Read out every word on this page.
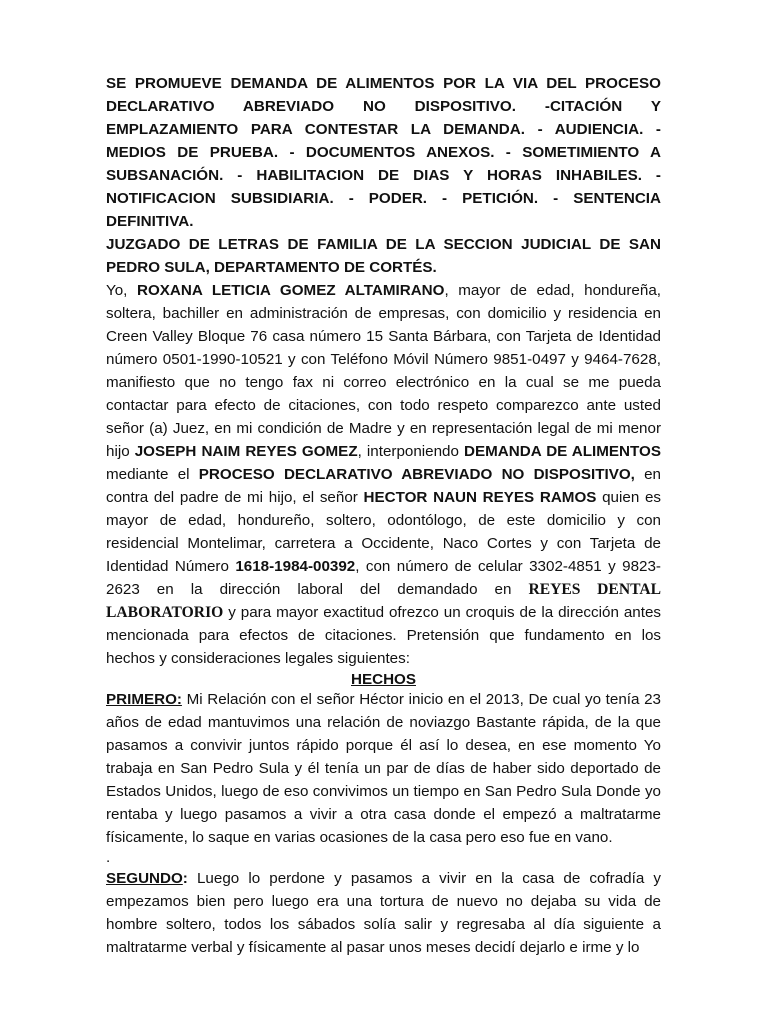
SE PROMUEVE DEMANDA DE ALIMENTOS POR LA VIA DEL PROCESO DECLARATIVO ABREVIADO NO DISPOSITIVO. -CITACIÓN Y EMPLAZAMIENTO PARA CONTESTAR LA DEMANDA. - AUDIENCIA. - MEDIOS DE PRUEBA. - DOCUMENTOS ANEXOS. - SOMETIMIENTO A SUBSANACIÓN. - HABILITACION DE DIAS Y HORAS INHABILES. - NOTIFICACION SUBSIDIARIA. - PODER. - PETICIÓN. - SENTENCIA DEFINITIVA.

JUZGADO DE LETRAS DE FAMILIA DE LA SECCION JUDICIAL DE SAN PEDRO SULA, DEPARTAMENTO DE CORTÉS.

Yo, ROXANA LETICIA GOMEZ ALTAMIRANO, mayor de edad, hondureña, soltera, bachiller en administración de empresas, con domicilio y residencia en Creen Valley Bloque 76 casa número 15 Santa Bárbara, con Tarjeta de Identidad número 0501-1990-10521 y con Teléfono Móvil Número 9851-0497 y 9464-7628, manifiesto que no tengo fax ni correo electrónico en la cual se me pueda contactar para efecto de citaciones, con todo respeto comparezco ante usted señor (a) Juez, en mi condición de Madre y en representación legal de mi menor hijo JOSEPH NAIM REYES GOMEZ, interponiendo DEMANDA DE ALIMENTOS mediante el PROCESO DECLARATIVO ABREVIADO NO DISPOSITIVO, en contra del padre de mi hijo, el señor HECTOR NAUN REYES RAMOS quien es mayor de edad, hondureño, soltero, odontólogo, de este domicilio y con residencial Montelimar, carretera a Occidente, Naco Cortes y con Tarjeta de Identidad Número 1618-1984-00392, con número de celular 3302-4851 y 9823-2623 en la dirección laboral del demandado en REYES DENTAL LABORATORIO y para mayor exactitud ofrezco un croquis de la dirección antes mencionada para efectos de citaciones. Pretensión que fundamento en los hechos y consideraciones legales siguientes:

HECHOS

PRIMERO: Mi Relación con el señor Héctor inicio en el 2013, De cual yo tenía 23 años de edad mantuvimos una relación de noviazgo Bastante rápida, de la que pasamos a convivir juntos rápido porque él así lo desea, en ese momento Yo trabaja en San Pedro Sula y él tenía un par de días de haber sido deportado de Estados Unidos, luego de eso convivimos un tiempo en San Pedro Sula Donde yo rentaba y luego pasamos a vivir a otra casa donde el empezó a maltratarme físicamente, lo saque en varias ocasiones de la casa pero eso fue en vano.

.

SEGUNDO: Luego lo perdone y pasamos a vivir en la casa de cofradía y empezamos bien pero luego era una tortura de nuevo no dejaba su vida de hombre soltero, todos los sábados solía salir y regresaba al día siguiente a maltratarme verbal y físicamente al pasar unos meses decidí dejarlo e irme y lo
